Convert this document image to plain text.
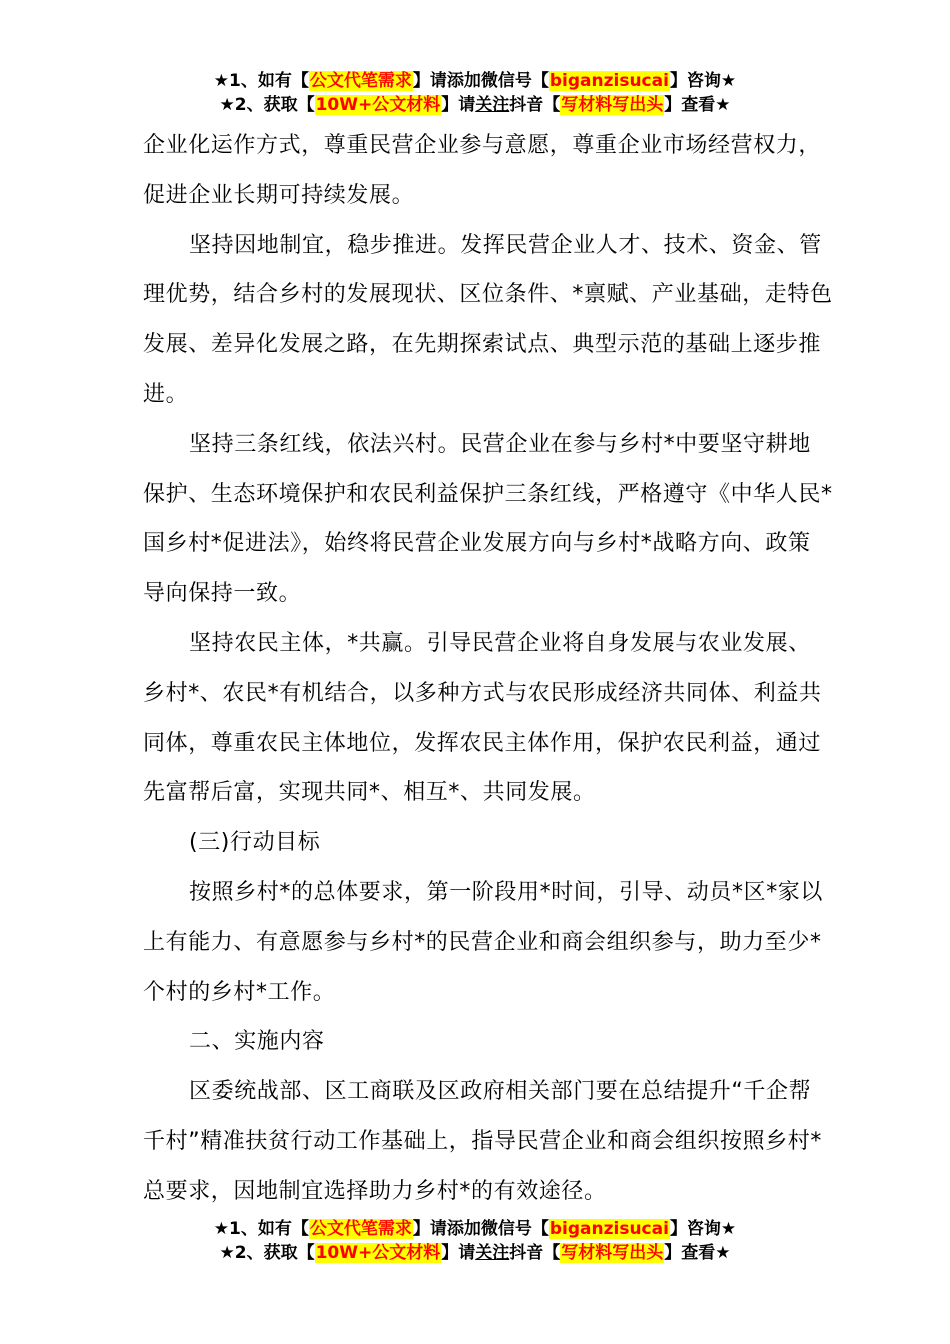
★1、如有【公文代笔需求】请添加微信号【biganzisucai】咨询★
★2、获取【10W+公文材料】请关注抖音【写材料写出头】查看★

企业化运作方式，尊重民营企业参与意愿，尊重企业市场经营权力，促进企业长期可持续发展。

坚持因地制宜，稳步推进。发挥民营企业人才、技术、资金、管理优势，结合乡村的发展现状、区位条件、*禀赋、产业基础，走特色发展、差异化发展之路，在先期探索试点、典型示范的基础上逐步推进。

坚持三条红线，依法兴村。民营企业在参与乡村*中要坚守耕地保护、生态环境保护和农民利益保护三条红线，严格遵守《中华人民*国乡村*促进法》，始终将民营企业发展方向与乡村*战略方向、政策导向保持一致。

坚持农民主体，*共赢。引导民营企业将自身发展与农业发展、乡村*、农民*有机结合，以多种方式与农民形成经济共同体、利益共同体，尊重农民主体地位，发挥农民主体作用，保护农民利益，通过先富帮后富，实现共同*、相互*、共同发展。

(三)行动目标

按照乡村*的总体要求，第一阶段用*时间，引导、动员*区*家以上有能力、有意愿参与乡村*的民营企业和商会组织参与，助力至少*个村的乡村*工作。

二、实施内容

区委统战部、区工商联及区政府相关部门要在总结提升“千企帮千村”精准扶贫行动工作基础上，指导民营企业和商会组织按照乡村*总要求，因地制宜选择助力乡村*的有效途径。

★1、如有【公文代笔需求】请添加微信号【biganzisucai】咨询★
★2、获取【10W+公文材料】请关注抖音【写材料写出头】查看★
